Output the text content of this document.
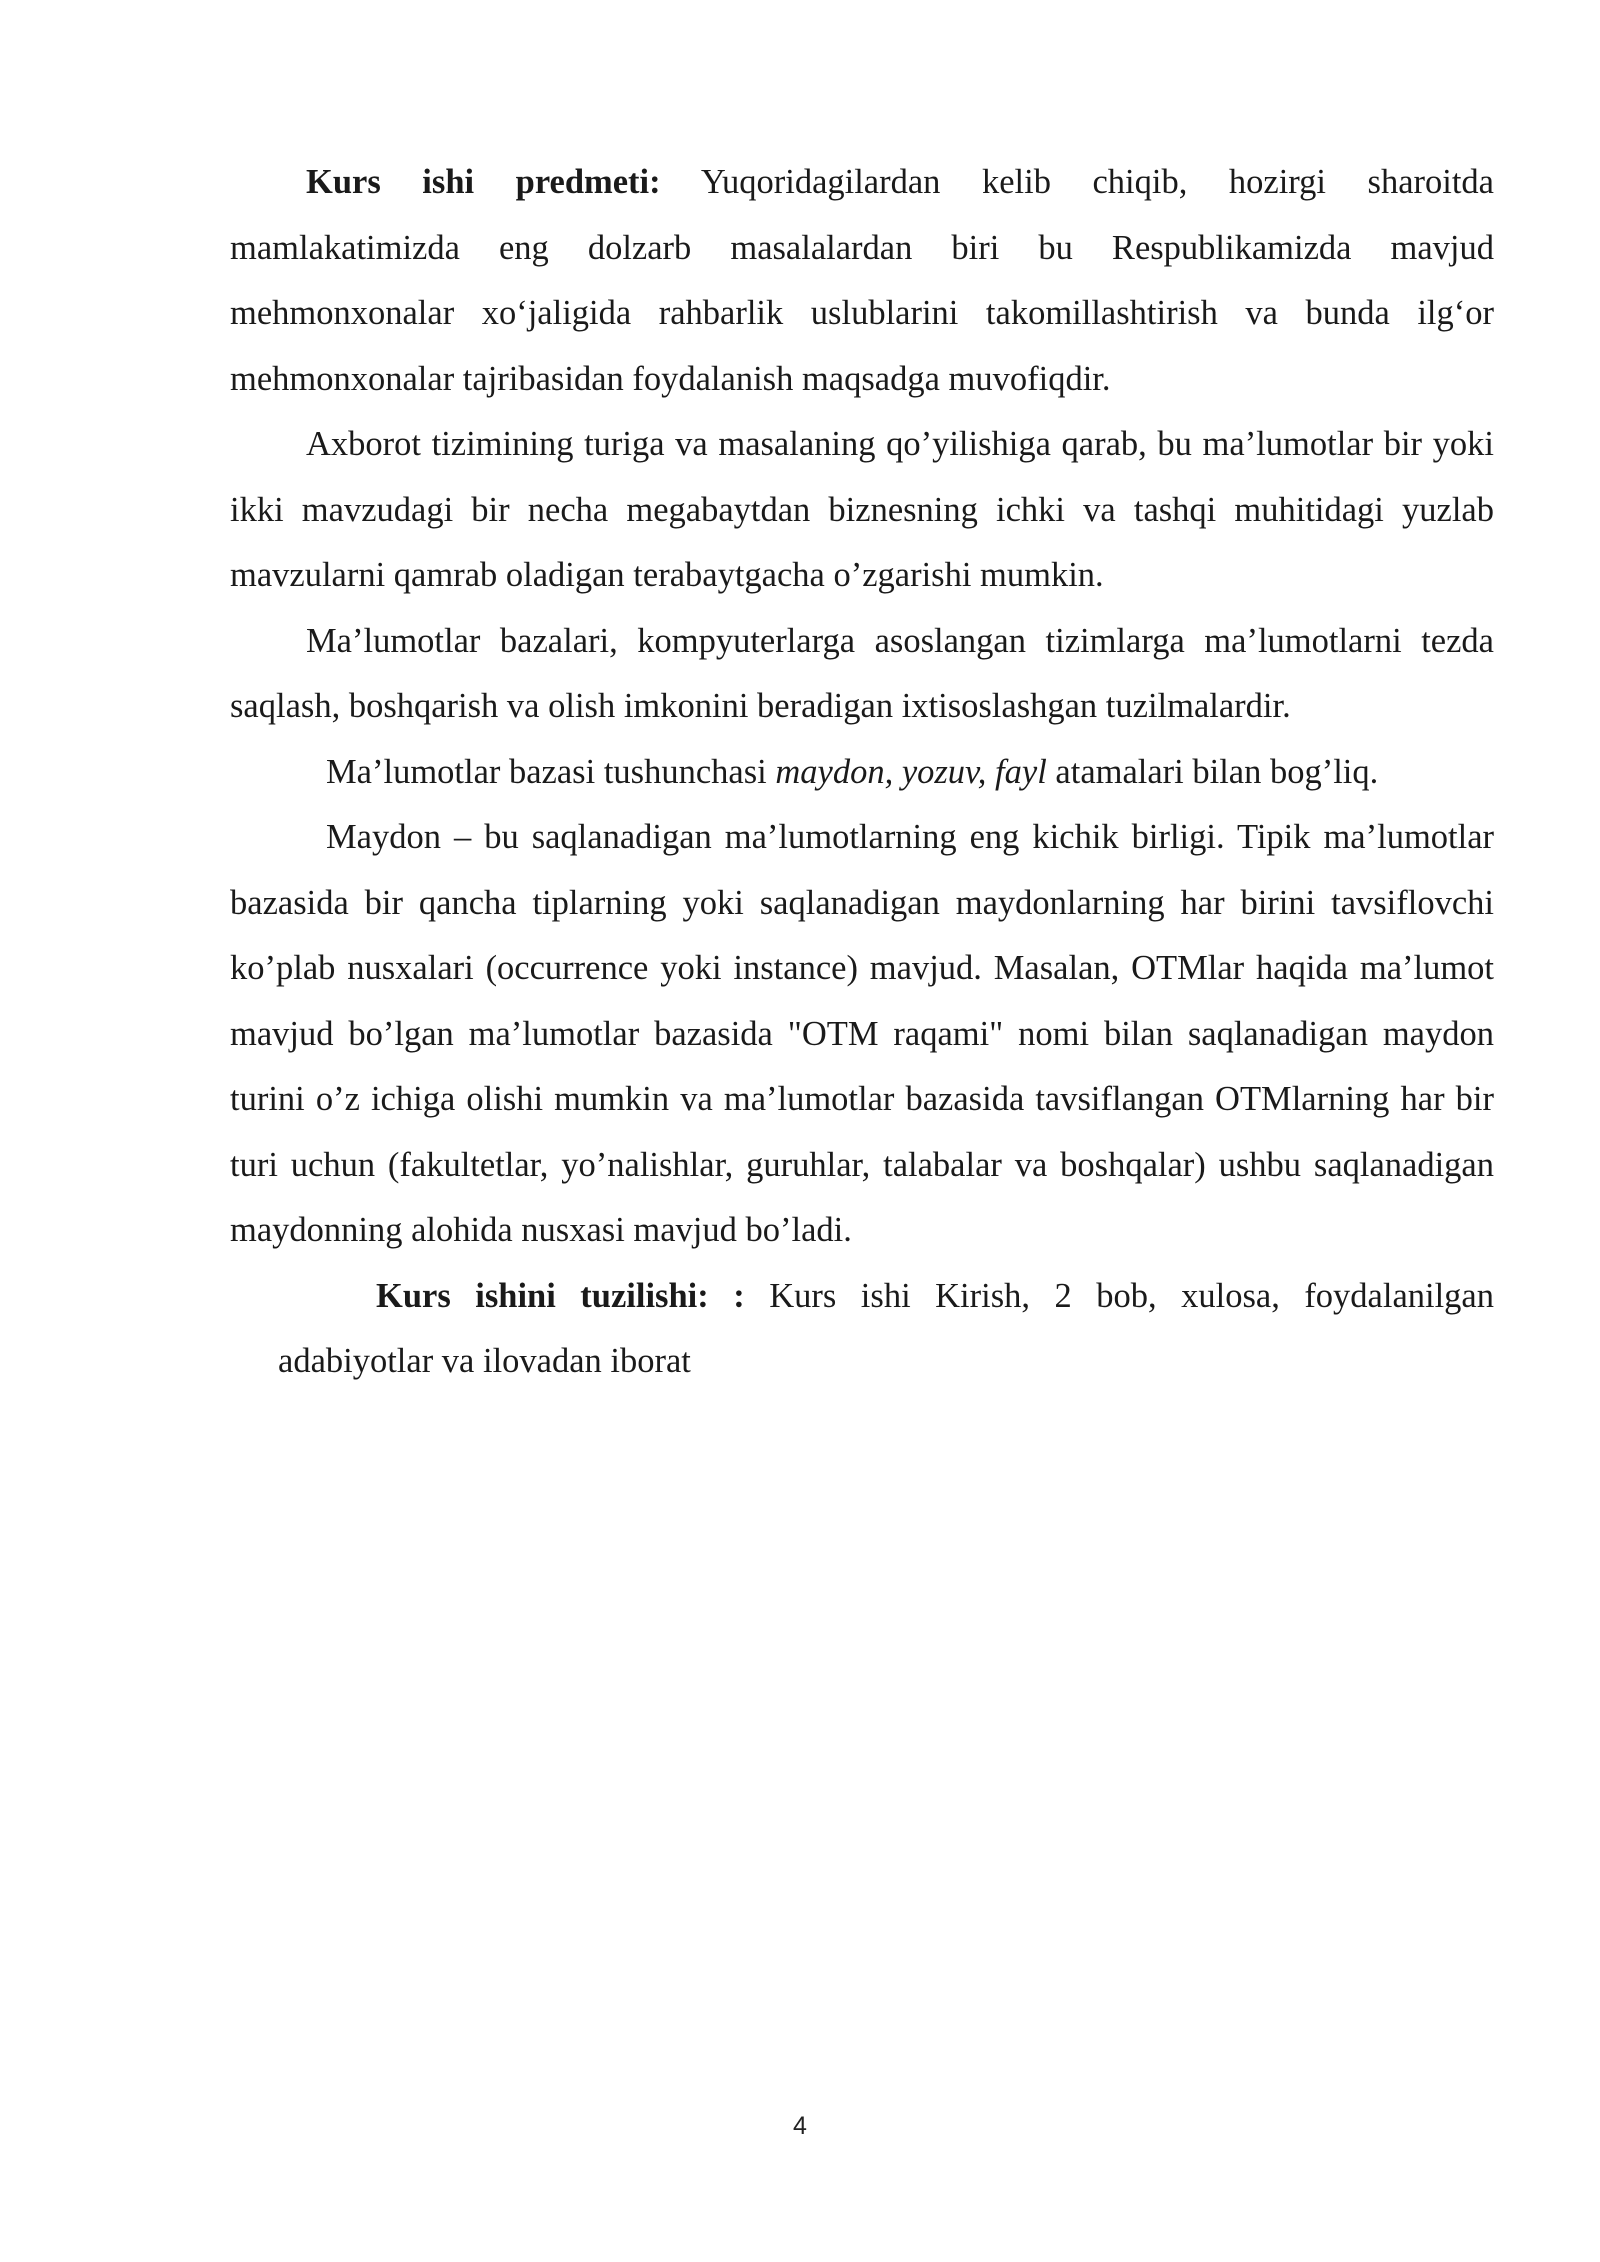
Kurs ishi predmeti: Yuqoridagilardan kelib chiqib, hozirgi sharoitda mamlakatimizda eng dolzarb masalalardan biri bu Respublikamizda mavjud mehmonxonalar xo‘jaligida rahbarlik uslublarini takomillashtirish va bunda ilg‘or mehmonxonalar tajribasidan foydalanish maqsadga muvofiqdir.

Axborot tizimining turiga va masalaning qo’yilishiga qarab, bu ma’lumotlar bir yoki ikki mavzudagi bir necha megabaytdan biznesning ichki va tashqi muhitidagi yuzlab mavzularni qamrab oladigan terabaytgacha o’zgarishi mumkin.

Ma’lumotlar bazalari, kompyuterlarga asoslangan tizimlarga ma’lumotlarni tezda saqlash, boshqarish va olish imkonini beradigan ixtisoslashgan tuzilmalardir.

Ma’lumotlar bazasi tushunchasi maydon, yozuv, fayl atamalari bilan bog’liq.

Maydon – bu saqlanadigan ma’lumotlarning eng kichik birligi. Tipik ma’lumotlar bazasida bir qancha tiplarning yoki saqlanadigan maydonlarning har birini tavsiflovchi ko’plab nusxalari (occurrence yoki instance) mavjud. Masalan, OTMlar haqida ma’lumot mavjud bo’lgan ma’lumotlar bazasida "OTM raqami" nomi bilan saqlanadigan maydon turini o’z ichiga olishi mumkin va ma’lumotlar bazasida tavsiflangan OTMlarning har bir turi uchun (fakultetlar, yo’nalishlar, guruhlar, talabalar va boshqalar) ushbu saqlanadigan maydonning alohida nusxasi mavjud bo’ladi.

Kurs ishini tuzilishi: : Kurs ishi Kirish, 2 bob, xulosa, foydalanilgan adabiyotlar va ilovadan iborat

4
